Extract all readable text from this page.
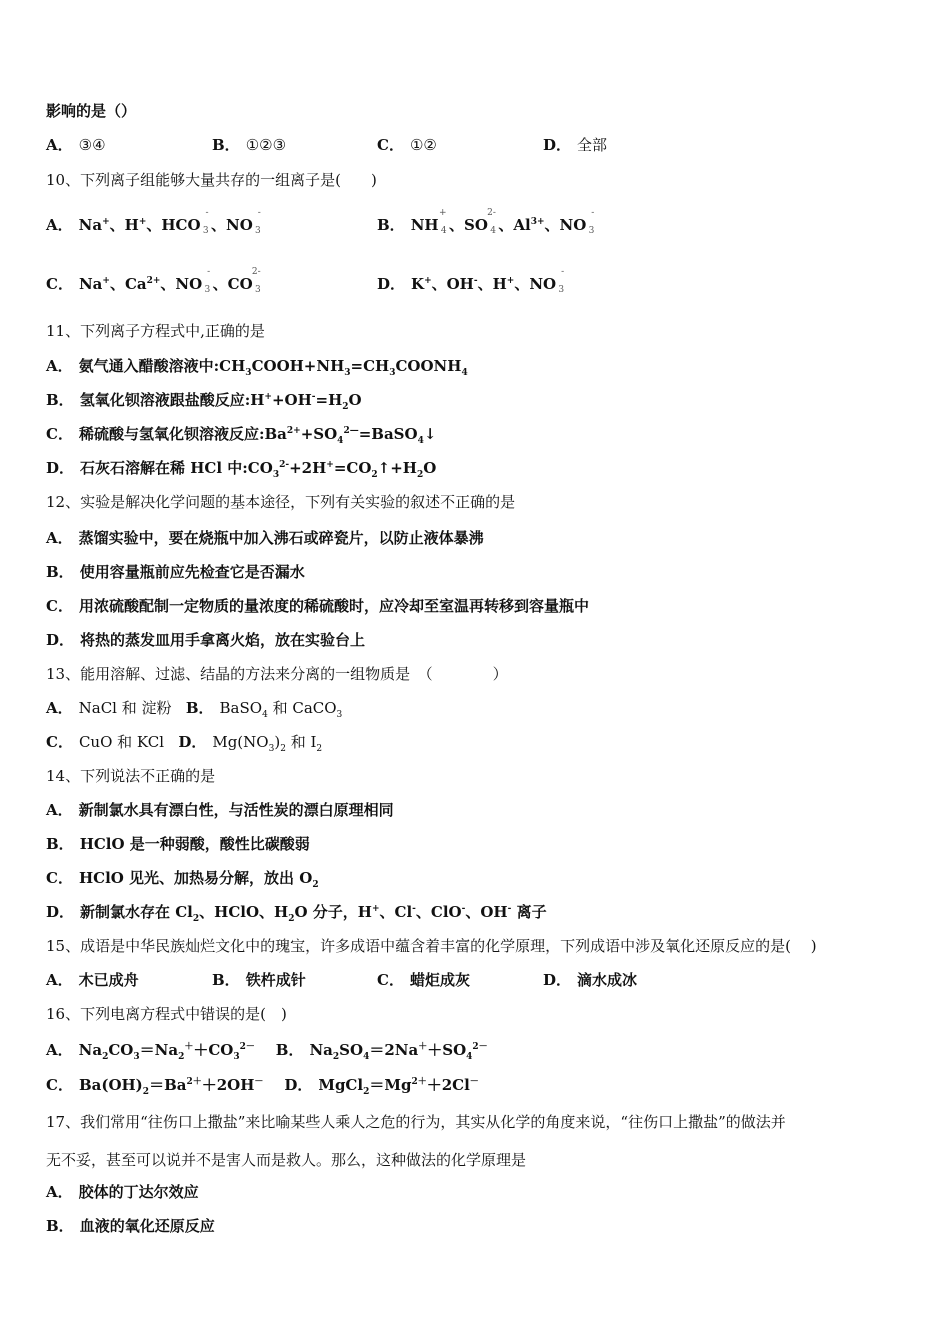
影响的是（）
A． ③④	B． ①②③	C． ①②	D． 全部
10、下列离子组能够大量共存的一组离子是(　　)
A． Na+、H+、HCO
-
3 、NO
-
3	B． NH
+
4 、SO
2-
4 、$Al^{3+}$、NO
-
3
C． Na+、$Ca^{2+}$、NO
-
3 、CO
2-
3	D． K+、OH-、H+、NO
-
3
11、下列离子方程式中,正确的是
A． 氨气通入醋酸溶液中$:CH_3COOH+NH_3=CH_3COONH_4$
B． 氢氧化钡溶液跟盐酸反应$:H^++OH^-=H_2O$
C． 稀硫酸与氢氧化钡溶液反应$:Ba^{2+}+SO_4^{2—}=BaSO_4↓$
D． 石灰石溶解在稀 HCl 中$:CO_3^{2-}+2H^+=CO_2↑+H_2O$
12、实验是解决化学问题的基本途径，下列有关实验的叙述不正确的是
A． 蒸馏实验中，要在烧瓶中加入沸石或碎瓷片，以防止液体暴沸
B． 使用容量瓶前应先检查它是否漏水
C． 用浓硫酸配制一定物质的量浓度的稀硫酸时，应冷却至室温再转移到容量瓶中
D． 将热的蒸发皿用手拿离火焰，放在实验台上
13、能用溶解、过滤、结晶的方法来分离的一组物质是　（　　　　）
A． NaCl 和 淀粉 B． BaSO$_4$ 和 CaCO$_3$
C． CuO 和 KCl D． $Mg(NO_3)_2$ 和 $I_2$
14、下列说法不正确的是
A． 新制氯水具有漂白性，与活性炭的漂白原理相同
B． HClO 是一种弱酸，酸性比碳酸弱
C． HClO 见光、加热易分解，放出 $O_2$
D． 新制氯水存在 $Cl_2$、HClO、$H_2O$ 分子，H+、Cl-、ClO-、OH- 离子
15、成语是中华民族灿烂文化中的瑰宝，许多成语中蕴含着丰富的化学原理，下列成语中涉及氧化还原反应的是(　 )
A． 木已成舟	B． 铁杵成针	C． 蜡炬成灰	D． 滴水成冰
16、下列电离方程式中错误的是(　)
A． $Na_2CO_3=Na_2^++CO_3^{2-}$ B． $Na_2SO_4=2Na^++SO_4^{2-}$
C． $Ba(OH)_2=Ba^{2+}+2OH^-$ D． $MgCl_2=Mg^{2+}+2Cl^-$
17、我们常用“往伤口上撒盐”来比喻某些人乘人之危的行为，其实从化学的角度来说，“往伤口上撒盐”的做法并
无不妥，甚至可以说并不是害人而是救人。那么，这种做法的化学原理是
A． 胶体的丁达尔效应
B． 血液的氧化还原反应
